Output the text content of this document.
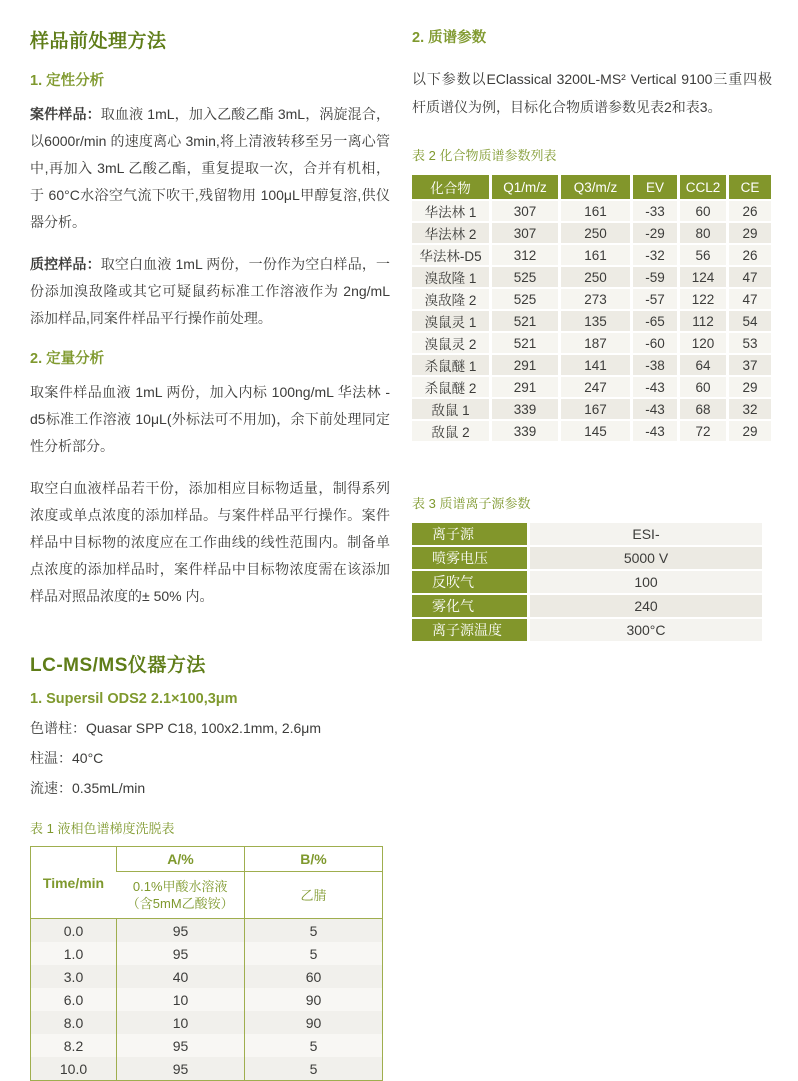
样品前处理方法
1. 定性分析

案件样品：取血液 1mL，加入乙酸乙酯 3mL，涡旋混合，以6000r/min 的速度离心 3min,将上清液转移至另一离心管中,再加入 3mL 乙酸乙酯，重复提取一次，合并有机相，于 60°C水浴空气流下吹干,残留物用 100μL甲醇复溶,供仪器分析。

质控样品：取空白血液 1mL 两份，一份作为空白样品，一份添加溴敌隆或其它可疑鼠药标准工作溶液作为 2ng/mL 添加样品,同案件样品平行操作前处理。

2. 定量分析

取案件样品血液 1mL 两份，加入内标 100ng/mL 华法林 -d5标准工作溶液 10μL(外标法可不用加)，余下前处理同定性分析部分。

取空白血液样品若干份，添加相应目标物适量，制得系列浓度或单点浓度的添加样品。与案件样品平行操作。案件样品中目标物的浓度应在工作曲线的线性范围内。制备单点浓度的添加样品时，案件样品中目标物浓度需在该添加样品对照品浓度的± 50% 内。

LC-MS/MS仪器方法
1. Supersil ODS2 2.1×100,3μm

色谱柱：Quasar SPP C18, 100x2.1mm, 2.6μm

柱温：40°C

流速：0.35mL/min

表 1 液相色谱梯度洗脱表
Time/min	A/%	B/%
	0.1%甲酸水溶液（含5mM乙酸铵）	乙腈
0.0	95	5
1.0	95	5
3.0	40	60
6.0	10	90
8.0	10	90
8.2	95	5
10.0	95	5
2. 质谱参数

以下参数以EClassical 3200L-MS² Vertical 9100三重四极杆质谱仪为例，目标化合物质谱参数见表2和表3。

表 2 化合物质谱参数列表
化合物	Q1/m/z	Q3/m/z	EV	CCL2	CE
华法林 1	307	161	-33	60	26
华法林 2	307	250	-29	80	29
华法林-D5	312	161	-32	56	26
溴敌隆 1	525	250	-59	124	47
溴敌隆 2	525	273	-57	122	47
溴鼠灵 1	521	135	-65	112	54
溴鼠灵 2	521	187	-60	120	53
杀鼠醚 1	291	141	-38	64	37
杀鼠醚 2	291	247	-43	60	29
敌鼠 1	339	167	-43	68	32
敌鼠 2	339	145	-43	72	29
表 3 质谱离子源参数
离子源	ESI-
喷雾电压	5000 V
反吹气	100
雾化气	240
离子源温度	300°C
